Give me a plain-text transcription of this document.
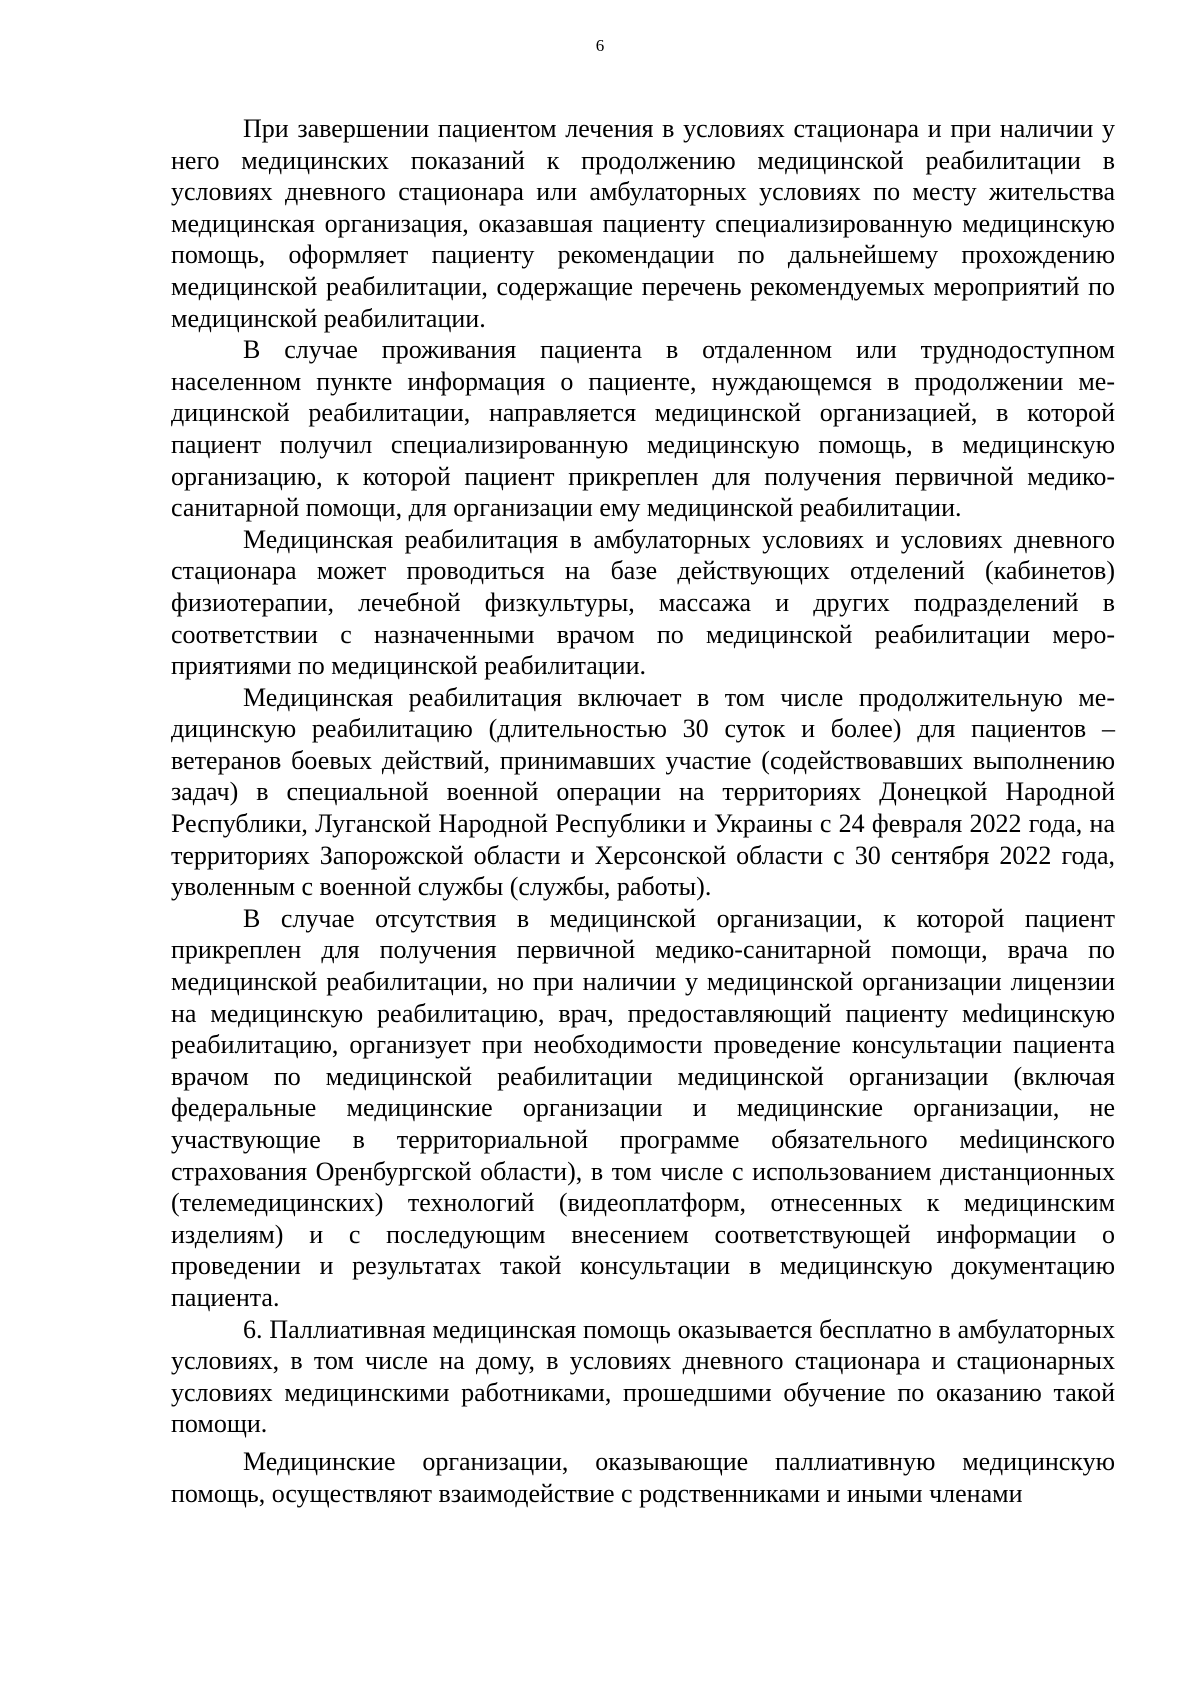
6

При завершении пациентом лечения в условиях стационара и при наличии у него медицинских показаний к продолжению медицинской реабилитации в условиях дневного стационара или амбулаторных условиях по месту жительства медицинская организация, оказавшая пациенту специализированную медицинскую помощь, оформляет пациенту рекомендации по дальнейшему прохождению медицинской реабилитации, содержащие перечень рекомендуемых мероприятий по медицинской реабилитации.

В случае проживания пациента в отдаленном или труднодоступном населенном пункте информация о пациенте, нуждающемся в продолжении медицинской реабилитации, направляется медицинской организацией, в которой пациент получил специализированную медицинскую помощь, в медицинскую организацию, к которой пациент прикреплен для получения первичной медико-санитарной помощи, для организации ему медицинской реабилитации.

Медицинская реабилитация в амбулаторных условиях и условиях дневного стационара может проводиться на базе действующих отделений (кабинетов) физиотерапии, лечебной физкультуры, массажа и других подразделений в соответствии с назначенными врачом по медицинской реабилитации мероприятиями по медицинской реабилитации.

Медицинская реабилитация включает в том числе продолжительную медицинскую реабилитацию (длительностью 30 суток и более) для пациентов – ветеранов боевых действий, принимавших участие (содействовавших выполнению задач) в специальной военной операции на территориях Донецкой Народной Республики, Луганской Народной Республики и Украины с 24 февраля 2022 года, на территориях Запорожской области и Херсонской области с 30 сентября 2022 года, уволенным с военной службы (службы, работы).

В случае отсутствия в медицинской организации, к которой пациент прикреплен для получения первичной медико-санитарной помощи, врача по медицинской реабилитации, но при наличии у медицинской организации лицензии на медицинскую реабилитацию, врач, предоставляющий пациенту меdицинскую реабилитацию, организует при необходимости проведение консультации пациента врачом по медицинской реабилитации медицинской организации (включая федеральные медицинские организации и медицинские организации, не участвующие в территориальной программе обязательного меdицинского страхования Оренбургской области), в том числе с использованием дистанционных (телемедицинских) технологий (видеоплатформ, отнесенных к медицинским изделиям) и с последующим внесением соответствующей информации о проведении и результатах такой консультации в медицинскую документацию пациента.

6. Паллиативная медицинская помощь оказывается бесплатно в амбулаторных условиях, в том числе на дому, в условиях дневного стационара и стационарных условиях медицинскими работниками, прошедшими обучение по оказанию такой помощи.

Медицинские организации, оказывающие паллиативную медицинскую помощь, осуществляют взаимодействие с родственниками и иными членами
